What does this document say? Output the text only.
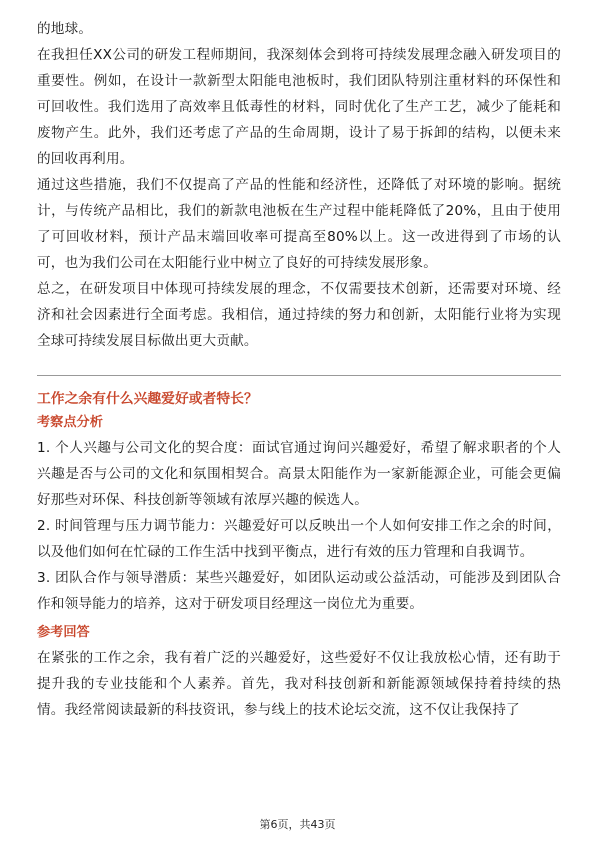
的地球。

在我担任XX公司的研发工程师期间，我深刻体会到将可持续发展理念融入研发项目的重要性。例如，在设计一款新型太阳能电池板时，我们团队特别注重材料的环保性和可回收性。我们选用了高效率且低毒性的材料，同时优化了生产工艺，减少了能耗和废物产生。此外，我们还考虑了产品的生命周期，设计了易于拆卸的结构，以便未来的回收再利用。

通过这些措施，我们不仅提高了产品的性能和经济性，还降低了对环境的影响。据统计，与传统产品相比，我们的新款电池板在生产过程中能耗降低了20%，且由于使用了可回收材料，预计产品末端回收率可提高至80%以上。这一改进得到了市场的认可，也为我们公司在太阳能行业中树立了良好的可持续发展形象。

总之，在研发项目中体现可持续发展的理念，不仅需要技术创新，还需要对环境、经济和社会因素进行全面考虑。我相信，通过持续的努力和创新，太阳能行业将为实现全球可持续发展目标做出更大贡献。

工作之余有什么兴趣爱好或者特长？
考察点分析

1. 个人兴趣与公司文化的契合度：面试官通过询问兴趣爱好，希望了解求职者的个人兴趣是否与公司的文化和氛围相契合。高景太阳能作为一家新能源企业，可能会更偏好那些对环保、科技创新等领域有浓厚兴趣的候选人。

2. 时间管理与压力调节能力：兴趣爱好可以反映出一个人如何安排工作之余的时间，以及他们如何在忙碌的工作生活中找到平衡点，进行有效的压力管理和自我调节。

3. 团队合作与领导潜质：某些兴趣爱好，如团队运动或公益活动，可能涉及到团队合作和领导能力的培养，这对于研发项目经理这一岗位尤为重要。

参考回答

在紧张的工作之余，我有着广泛的兴趣爱好，这些爱好不仅让我放松心情，还有助于提升我的专业技能和个人素养。首先，我对科技创新和新能源领域保持着持续的热情。我经常阅读最新的科技资讯，参与线上的技术论坛交流，这不仅让我保持了

第6页，共43页
